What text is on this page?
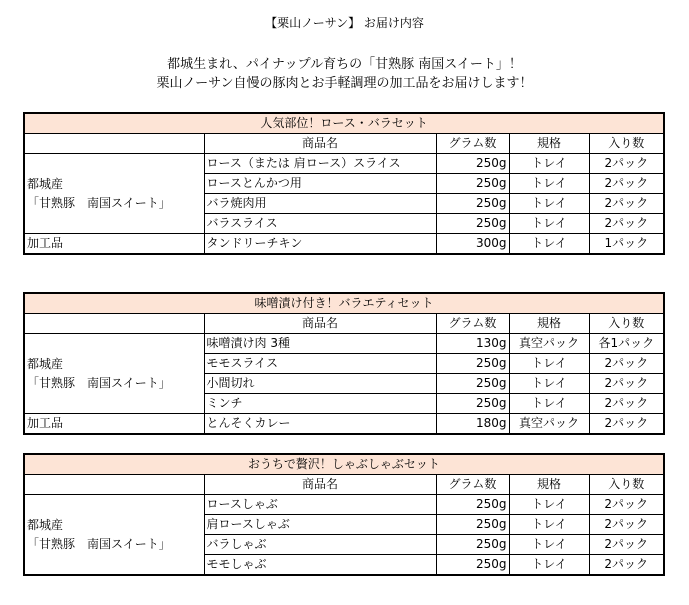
【栗山ノーサン】 お届け内容

都城生まれ、パイナップル育ちの「甘熟豚 南国スイート」！

栗山ノーサン自慢の豚肉とお手軽調理の加工品をお届けします！

人気部位！ロース・バラセット				
	商品名	グラム数	規格	入り数

都城産
「甘熟豚　南国スイート」	ロース（または 肩ロース）スライス	250g	トレイ	2パック
	ロースとんかつ用	250g	トレイ	2パック
	バラ焼肉用	250g	トレイ	2パック
	バラスライス	250g	トレイ	2パック
加工品	タンドリーチキン	300g	トレイ	1パック
味噌漬け付き！バラエティセット				
	商品名	グラム数	規格	入り数

都城産
「甘熟豚　南国スイート」	味噌漬け肉 3種	130g	真空パック	各1パック
	モモスライス	250g	トレイ	2パック
	小間切れ	250g	トレイ	2パック
	ミンチ	250g	トレイ	2パック
加工品	とんそくカレー	180g	真空パック	2パック
おうちで贅沢！しゃぶしゃぶセット				
	商品名	グラム数	規格	入り数

都城産
「甘熟豚　南国スイート」	ロースしゃぶ	250g	トレイ	2パック
	肩ロースしゃぶ	250g	トレイ	2パック
	バラしゃぶ	250g	トレイ	2パック
	モモしゃぶ	250g	トレイ	2パック
